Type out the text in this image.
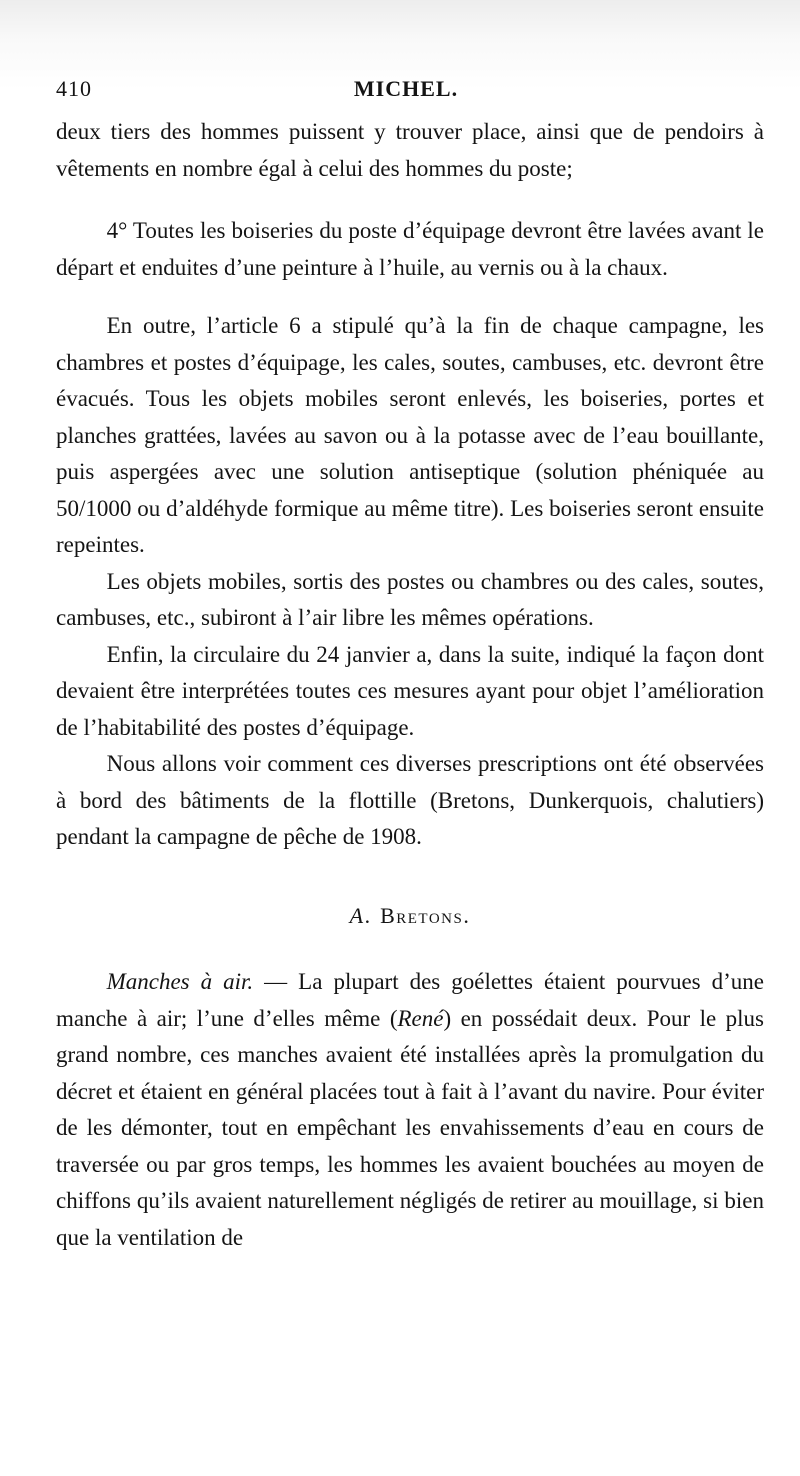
410	MICHEL.

deux tiers des hommes puissent y trouver place, ainsi que de pendoirs à vêtements en nombre égal à celui des hommes du poste;

4° Toutes les boiseries du poste d’équipage devront être lavées avant le départ et enduites d’une peinture à l’huile, au vernis ou à la chaux.

En outre, l’article 6 a stipulé qu’à la fin de chaque campagne, les chambres et postes d’équipage, les cales, soutes, cambuses, etc. devront être évacués. Tous les objets mobiles seront enlevés, les boiseries, portes et planches grattées, lavées au savon ou à la potasse avec de l’eau bouillante, puis aspergées avec une solution antiseptique (solution phéniquée au 50/1000 ou d’aldéhyde formique au même titre). Les boiseries seront ensuite repeintes.

Les objets mobiles, sortis des postes ou chambres ou des cales, soutes, cambuses, etc., subiront à l’air libre les mêmes opérations.

Enfin, la circulaire du 24 janvier a, dans la suite, indiqué la façon dont devaient être interprétées toutes ces mesures ayant pour objet l’amélioration de l’habitabilité des postes d’équipage.

Nous allons voir comment ces diverses prescriptions ont été observées à bord des bâtiments de la flottille (Bretons, Dunkerquois, chalutiers) pendant la campagne de pêche de 1908.

A. Bretons.

Manches à air. — La plupart des goélettes étaient pourvues d’une manche à air; l’une d’elles même (René) en possédait deux. Pour le plus grand nombre, ces manches avaient été installées après la promulgation du décret et étaient en général placées tout à fait à l’avant du navire. Pour éviter de les démonter, tout en empêchant les envahissements d’eau en cours de traversée ou par gros temps, les hommes les avaient bouchées au moyen de chiffons qu’ils avaient naturellement négligés de retirer au mouillage, si bien que la ventilation de
